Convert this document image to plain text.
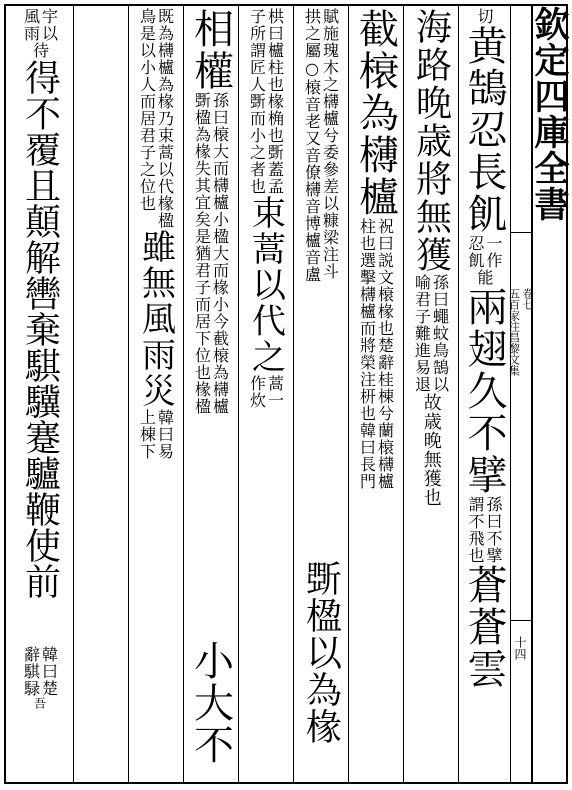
欽定四庫全書
五百家注昌黎文集 卷七
十四
切
黄鵠忍長飢
忍飢 一作
能
兩翅久不擘
謂不飛也 孫曰不擘
蒼蒼雲
海路晚歳將無獲
喻君子難進易退 孫曰蠅蚊鳥鵠以
故歳晚無獲也
截榱為欂櫨
柱也選擊欂櫨而將榮注枅也韓曰長門 祝曰説文榱椽也楚辭桂棟兮蘭榱欂櫨
拱之屬○榱音老又音僚欂音博櫨音盧 賦施瑰木之欂櫨兮委參差以糠梁注斗
子所謂匠人斲而小之者也 栱曰櫨柱也椽桷也斲蓋孟
束蒿以代之
作炊 蒿一
斲楹以為椽
小大不
相權
斲楹為椽失其宜矣是猶君子而居下位也椽楹 孫曰榱大而欂櫨小楹大而椽小今截榱為欂櫨
鳥是以小人而居君子之位也 既為欂櫨為椽乃束蒿以代椽楹
雖無風雨災
上棟下 韓曰易
風雨 宇以
待
得不覆且顛解轡棄騏驥蹇驢鞭使前
辭騏騄 韓曰楚
吾
